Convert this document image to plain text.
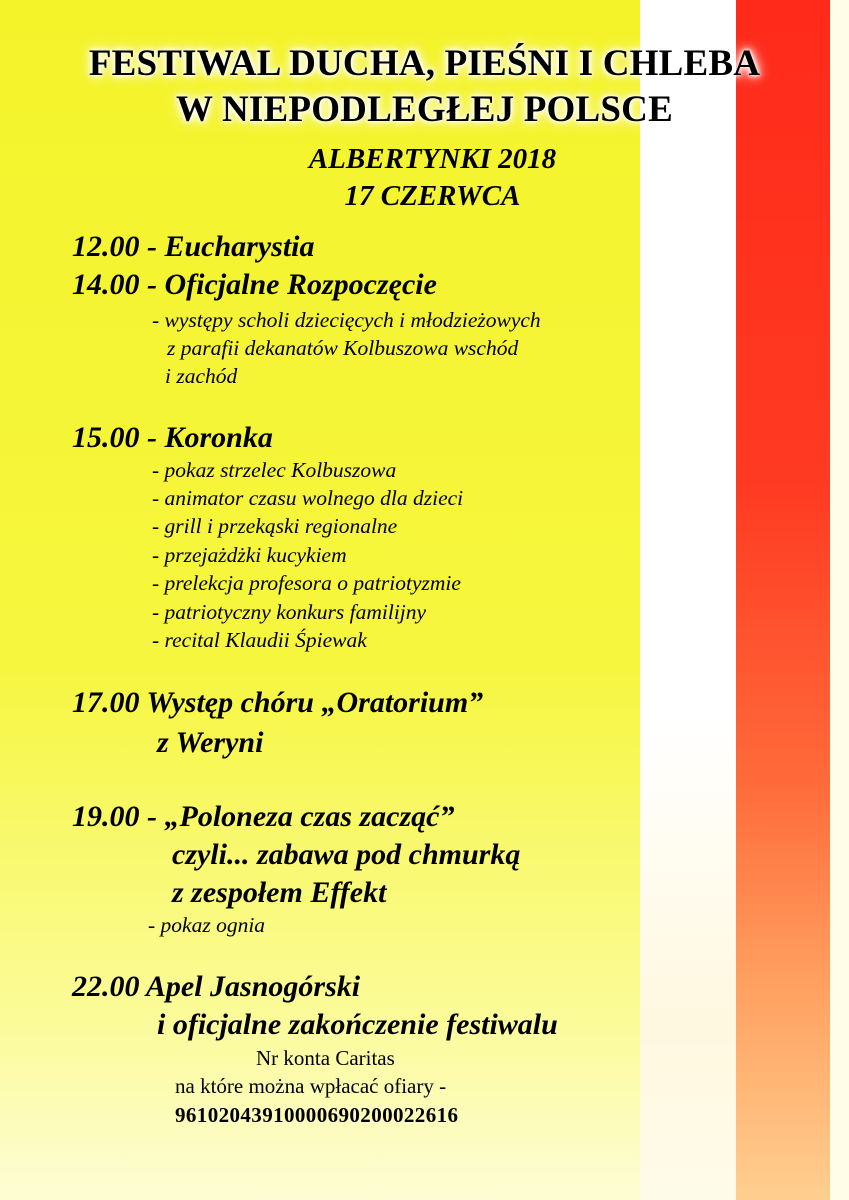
FESTIWAL DUCHA, PIEŚNI I CHLEBA
W NIEPODLEGŁEJ POLSCE
ALBERTYNKI 2018
17 CZERWCA
12.00 - Eucharystia
14.00 - Oficjalne Rozpoczęcie
- występy scholi dziecięcych i młodzieżowych
z parafii dekanatów Kolbuszowa wschód
i zachód
15.00 - Koronka
- pokaz strzelec Kolbuszowa
- animator czasu wolnego dla dzieci
- grill i przekąski regionalne
- przejażdżki kucykiem
- prelekcja profesora o patriotyzmie
- patriotyczny konkurs familijny
- recital Klaudii Śpiewak
17.00 Występ chóru „Oratorium”
z Weryni
19.00 - „Poloneza czas zacząć”
czyli... zabawa pod chmurką
z zespołem Effekt
- pokaz ognia
22.00 Apel Jasnogórski
i oficjalne zakończenie festiwalu
Nr konta Caritas
na które można wpłacać ofiary -
96102043910000690200022616
